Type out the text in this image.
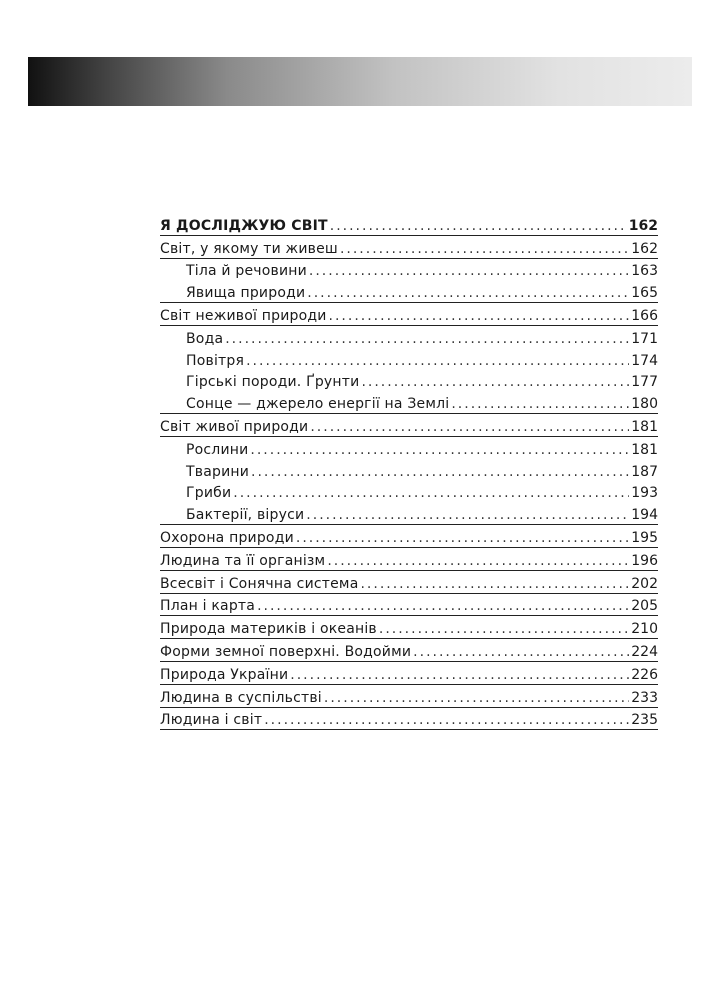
Я ДОСЛІДЖУЮ СВІТ .....	162
Світ, у якому ти живеш .....	162
Тіла й речовини .....	163
Явища природи .....	165
Світ неживої природи .....	166
Вода .....	171
Повітря .....	174
Гірські породи. Ґрунти .....	177
Сонце — джерело енергії на Землі .....	180
Світ живої природи .....	181
Рослини .....	181
Тварини .....	187
Гриби .....	193
Бактерії, віруси .....	194
Охорона природи .....	195
Людина та її організм .....	196
Всесвіт і Сонячна система .....	202
План і карта .....	205
Природа материків і океанів .....	210
Форми земної поверхні. Водойми .....	224
Природа України .....	226
Людина в суспільстві .....	233
Людина і світ .....	235
